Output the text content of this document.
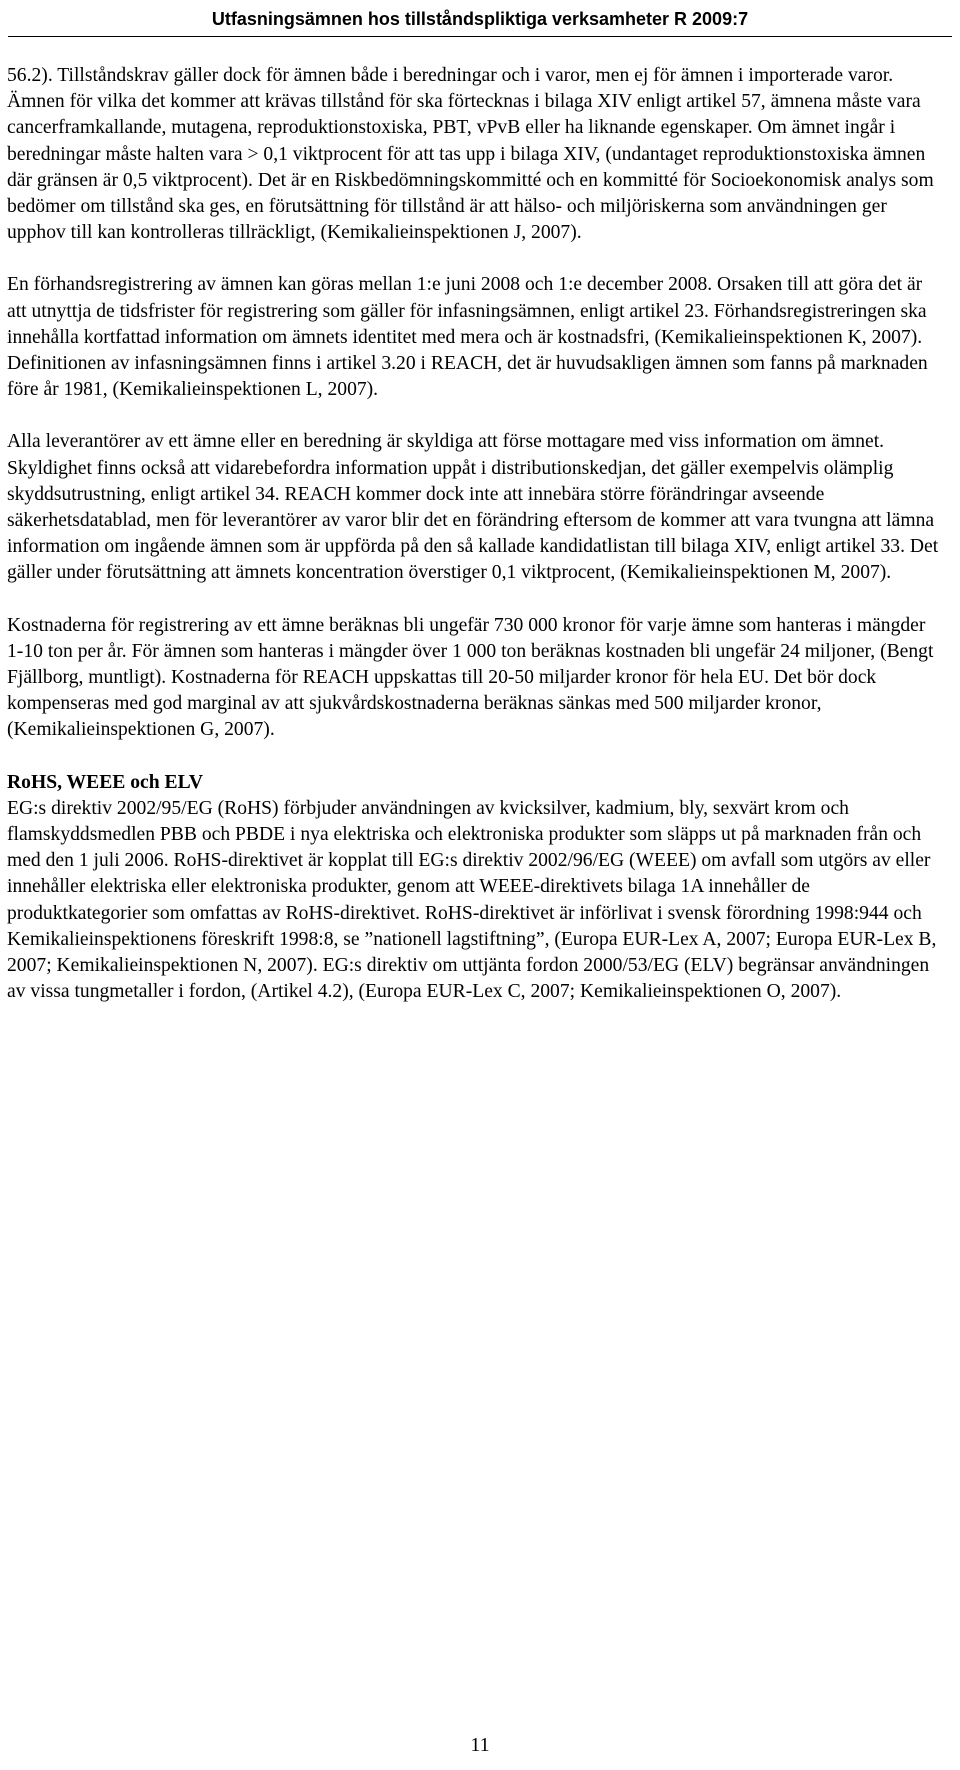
Utfasningsämnen hos tillståndspliktiga verksamheter R 2009:7

56.2). Tillståndskrav gäller dock för ämnen både i beredningar och i varor, men ej för ämnen i importerade varor. Ämnen för vilka det kommer att krävas tillstånd för ska förtecknas i bilaga XIV enligt artikel 57, ämnena måste vara cancerframkallande, mutagena, reproduktionstoxiska, PBT, vPvB eller ha liknande egenskaper. Om ämnet ingår i beredningar måste halten vara > 0,1 viktprocent för att tas upp i bilaga XIV, (undantaget reproduktionstoxiska ämnen där gränsen är 0,5 viktprocent). Det är en Riskbedömningskommitté och en kommitté för Socioekonomisk analys som bedömer om tillstånd ska ges, en förutsättning för tillstånd är att hälso- och miljöriskerna som användningen ger upphov till kan kontrolleras tillräckligt, (Kemikalieinspektionen J, 2007).

En förhandsregistrering av ämnen kan göras mellan 1:e juni 2008 och 1:e december 2008. Orsaken till att göra det är att utnyttja de tidsfrister för registrering som gäller för infasningsämnen, enligt artikel 23. Förhandsregistreringen ska innehålla kortfattad information om ämnets identitet med mera och är kostnadsfri, (Kemikalieinspektionen K, 2007). Definitionen av infasningsämnen finns i artikel 3.20 i REACH, det är huvudsakligen ämnen som fanns på marknaden före år 1981, (Kemikalieinspektionen L, 2007).

Alla leverantörer av ett ämne eller en beredning är skyldiga att förse mottagare med viss information om ämnet. Skyldighet finns också att vidarebefordra information uppåt i distributionskedjan, det gäller exempelvis olämplig skyddsutrustning, enligt artikel 34. REACH kommer dock inte att innebära större förändringar avseende säkerhetsdatablad, men för leverantörer av varor blir det en förändring eftersom de kommer att vara tvungna att lämna information om ingående ämnen som är uppförda på den så kallade kandidatlistan till bilaga XIV, enligt artikel 33. Det gäller under förutsättning att ämnets koncentration överstiger 0,1 viktprocent, (Kemikalieinspektionen M, 2007).

Kostnaderna för registrering av ett ämne beräknas bli ungefär 730 000 kronor för varje ämne som hanteras i mängder 1-10 ton per år. För ämnen som hanteras i mängder över 1 000 ton beräknas kostnaden bli ungefär 24 miljoner, (Bengt Fjällborg, muntligt). Kostnaderna för REACH uppskattas till 20-50 miljarder kronor för hela EU. Det bör dock kompenseras med god marginal av att sjukvårdskostnaderna beräknas sänkas med 500 miljarder kronor, (Kemikalieinspektionen G, 2007).

RoHS, WEEE och ELV

EG:s direktiv 2002/95/EG (RoHS) förbjuder användningen av kvicksilver, kadmium, bly, sexvärt krom och flamskyddsmedlen PBB och PBDE i nya elektriska och elektroniska produkter som släpps ut på marknaden från och med den 1 juli 2006. RoHS-direktivet är kopplat till EG:s direktiv 2002/96/EG (WEEE) om avfall som utgörs av eller innehåller elektriska eller elektroniska produkter, genom att WEEE-direktivets bilaga 1A innehåller de produktkategorier som omfattas av RoHS-direktivet. RoHS-direktivet är införlivat i svensk förordning 1998:944 och Kemikalieinspektionens föreskrift 1998:8, se ”nationell lagstiftning”, (Europa EUR-Lex A, 2007; Europa EUR-Lex B, 2007; Kemikalieinspektionen N, 2007). EG:s direktiv om uttjänta fordon 2000/53/EG (ELV) begränsar användningen av vissa tungmetaller i fordon, (Artikel 4.2), (Europa EUR-Lex C, 2007; Kemikalieinspektionen O, 2007).

11
